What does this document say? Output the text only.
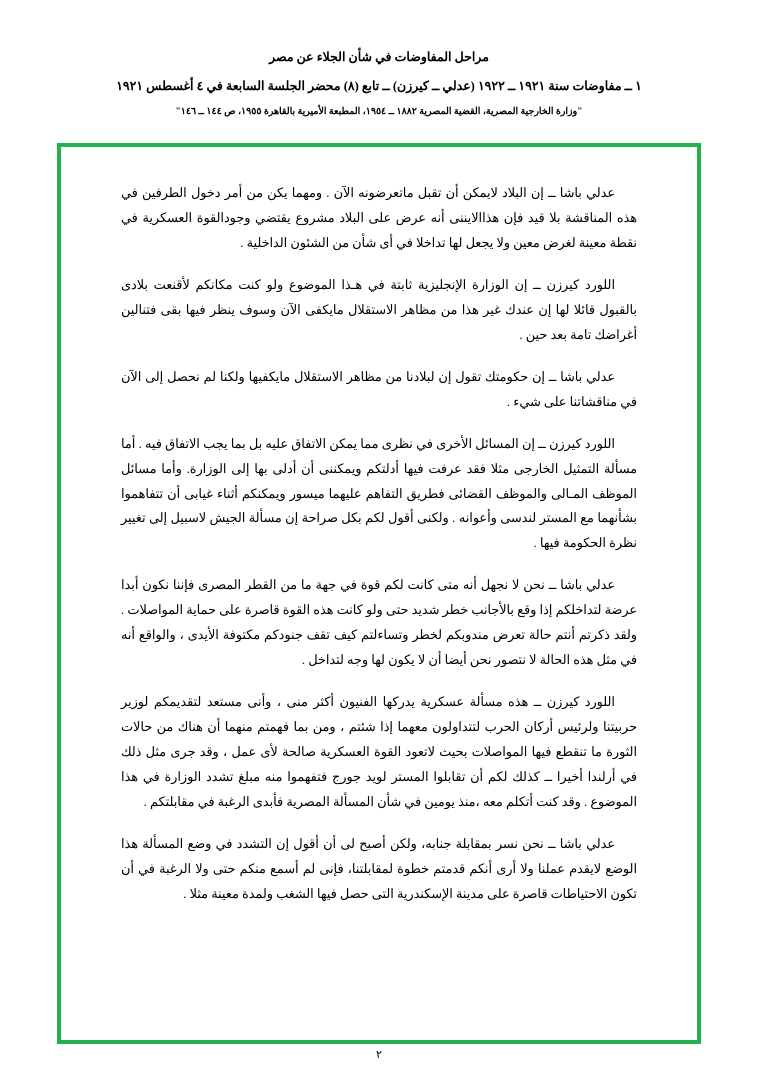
مراحل المفاوضات في شأن الجلاء عن مصر
١ ــ مفاوضات سنة ١٩٢١ ــ ١٩٢٢ (عدلي ــ كيرزن) ــ تابع (٨) محضر الجلسة السابعة في ٤ أغسطس ١٩٢١
"وزارة الخارجية المصرية، القضية المصرية ١٨٨٢ ــ ١٩٥٤، المطبعة الأميرية بالقاهرة ١٩٥٥، ص ١٤٤ ــ ١٤٦"

عدلي باشا ــ إن البلاد لايمكن أن تقبل ماتعرضونه الآن . ومهما يكن من أمر دخول الطرفين في هذه المناقشة بلا قيد فإن هذاالايننى أنه عرض على البلاد مشروع يقتضي وجودالقوة العسكرية في نقطة معينة لغرض معين ولا يجعل لها تداخلا في أى شأن من الشئون الداخلية .

اللورد كيرزن ــ إن الوزارة الإنجليزية ثابتة في هـذا الموضوع ولو كنت مكانكم لأقنعت بلادى بالقبول قائلا لها إن عندك غير هذا من مظاهر الاستقلال مايكفى الآن وسوف ينظر فيها بقى فتنالين أغراضك تامة بعد حين .

عدلي باشا ــ إن حكومتك تقول إن لبلادنا من مظاهر الاستقلال مايكفيها ولكنا لم نحصل إلى الآن في مناقشاتنا على شيء .

اللورد كيرزن ــ إن المسائل الأخرى في نظرى مما يمكن الاتفاق عليه بل بما يجب الاتفاق فيه . أما مسألة التمثيل الخارجى مثلا فقد عرفت فيها أدلتكم ويمكننى أن أدلى بها إلى الوزارة. وأما مسائل الموظف المـالى والموظف القضائى فطريق التفاهم عليهما ميسور ويمكنكم أثناء غيابى أن تتفاهموا بشأنهما مع المستر لندسى وأعوانه . ولكنى أقول لكم بكل صراحة إن مسألة الجيش لاسبيل إلى تغيير نظرة الحكومة فيها .

عدلي باشا ــ نحن لا نجهل أنه متى كانت لكم قوة في جهة ما من القطر المصرى فإننا نكون أبدا عرضة لتداخلكم إذا وقع بالأجانب خطر شديد حتى ولو كانت هذه القوة قاصرة على حماية المواصلات . ولقد ذكرتم أنتم حالة تعرض مندوبكم لخطر وتساءلتم كيف تقف جنودكم مكتوفة الأيدى ، والواقع أنه في مثل هذه الحالة لا نتصور نحن أيضا أن لا يكون لها وجه لتداخل .

اللورد كيرزن ــ هذه مسألة عسكرية يدركها الفنيون أكثر منى ، وأنى مستعد لتقديمكم لوزير حربيتنا ولرئيس أركان الحرب لتتداولون معهما إذا شئتم ، ومن بما فهمتم منهما أن هناك من حالات الثورة ما تنقطع فيها المواصلات بحيث لاتعود القوة العسكرية صالحة لأى عمل ، وقد جرى مثل ذلك في أرلندا أخيرا ــ كذلك لكم أن تقابلوا المستر لويد جورج فتفهموا منه مبلغ تشدد الوزارة في هذا الموضوع . وقد كنت أتكلم معه ،منذ يومين في شأن المسألة المصرية فأبدى الرغبة في مقابلتكم .

عدلي باشا ــ نحن نسر بمقابلة جنابه، ولكن أصبح لى أن أقول إن التشدد في وضع المسألة هذا الوضع لايقدم عملنا ولا أرى أنكم قدمتم خطوة لمقابلتنا، فإنى لم أسمع منكم حتى ولا الرغبة في أن تكون الاحتياطات قاصرة على مدينة الإسكندرية التى حصل فيها الشغب ولمدة معينة مثلا .

٢
